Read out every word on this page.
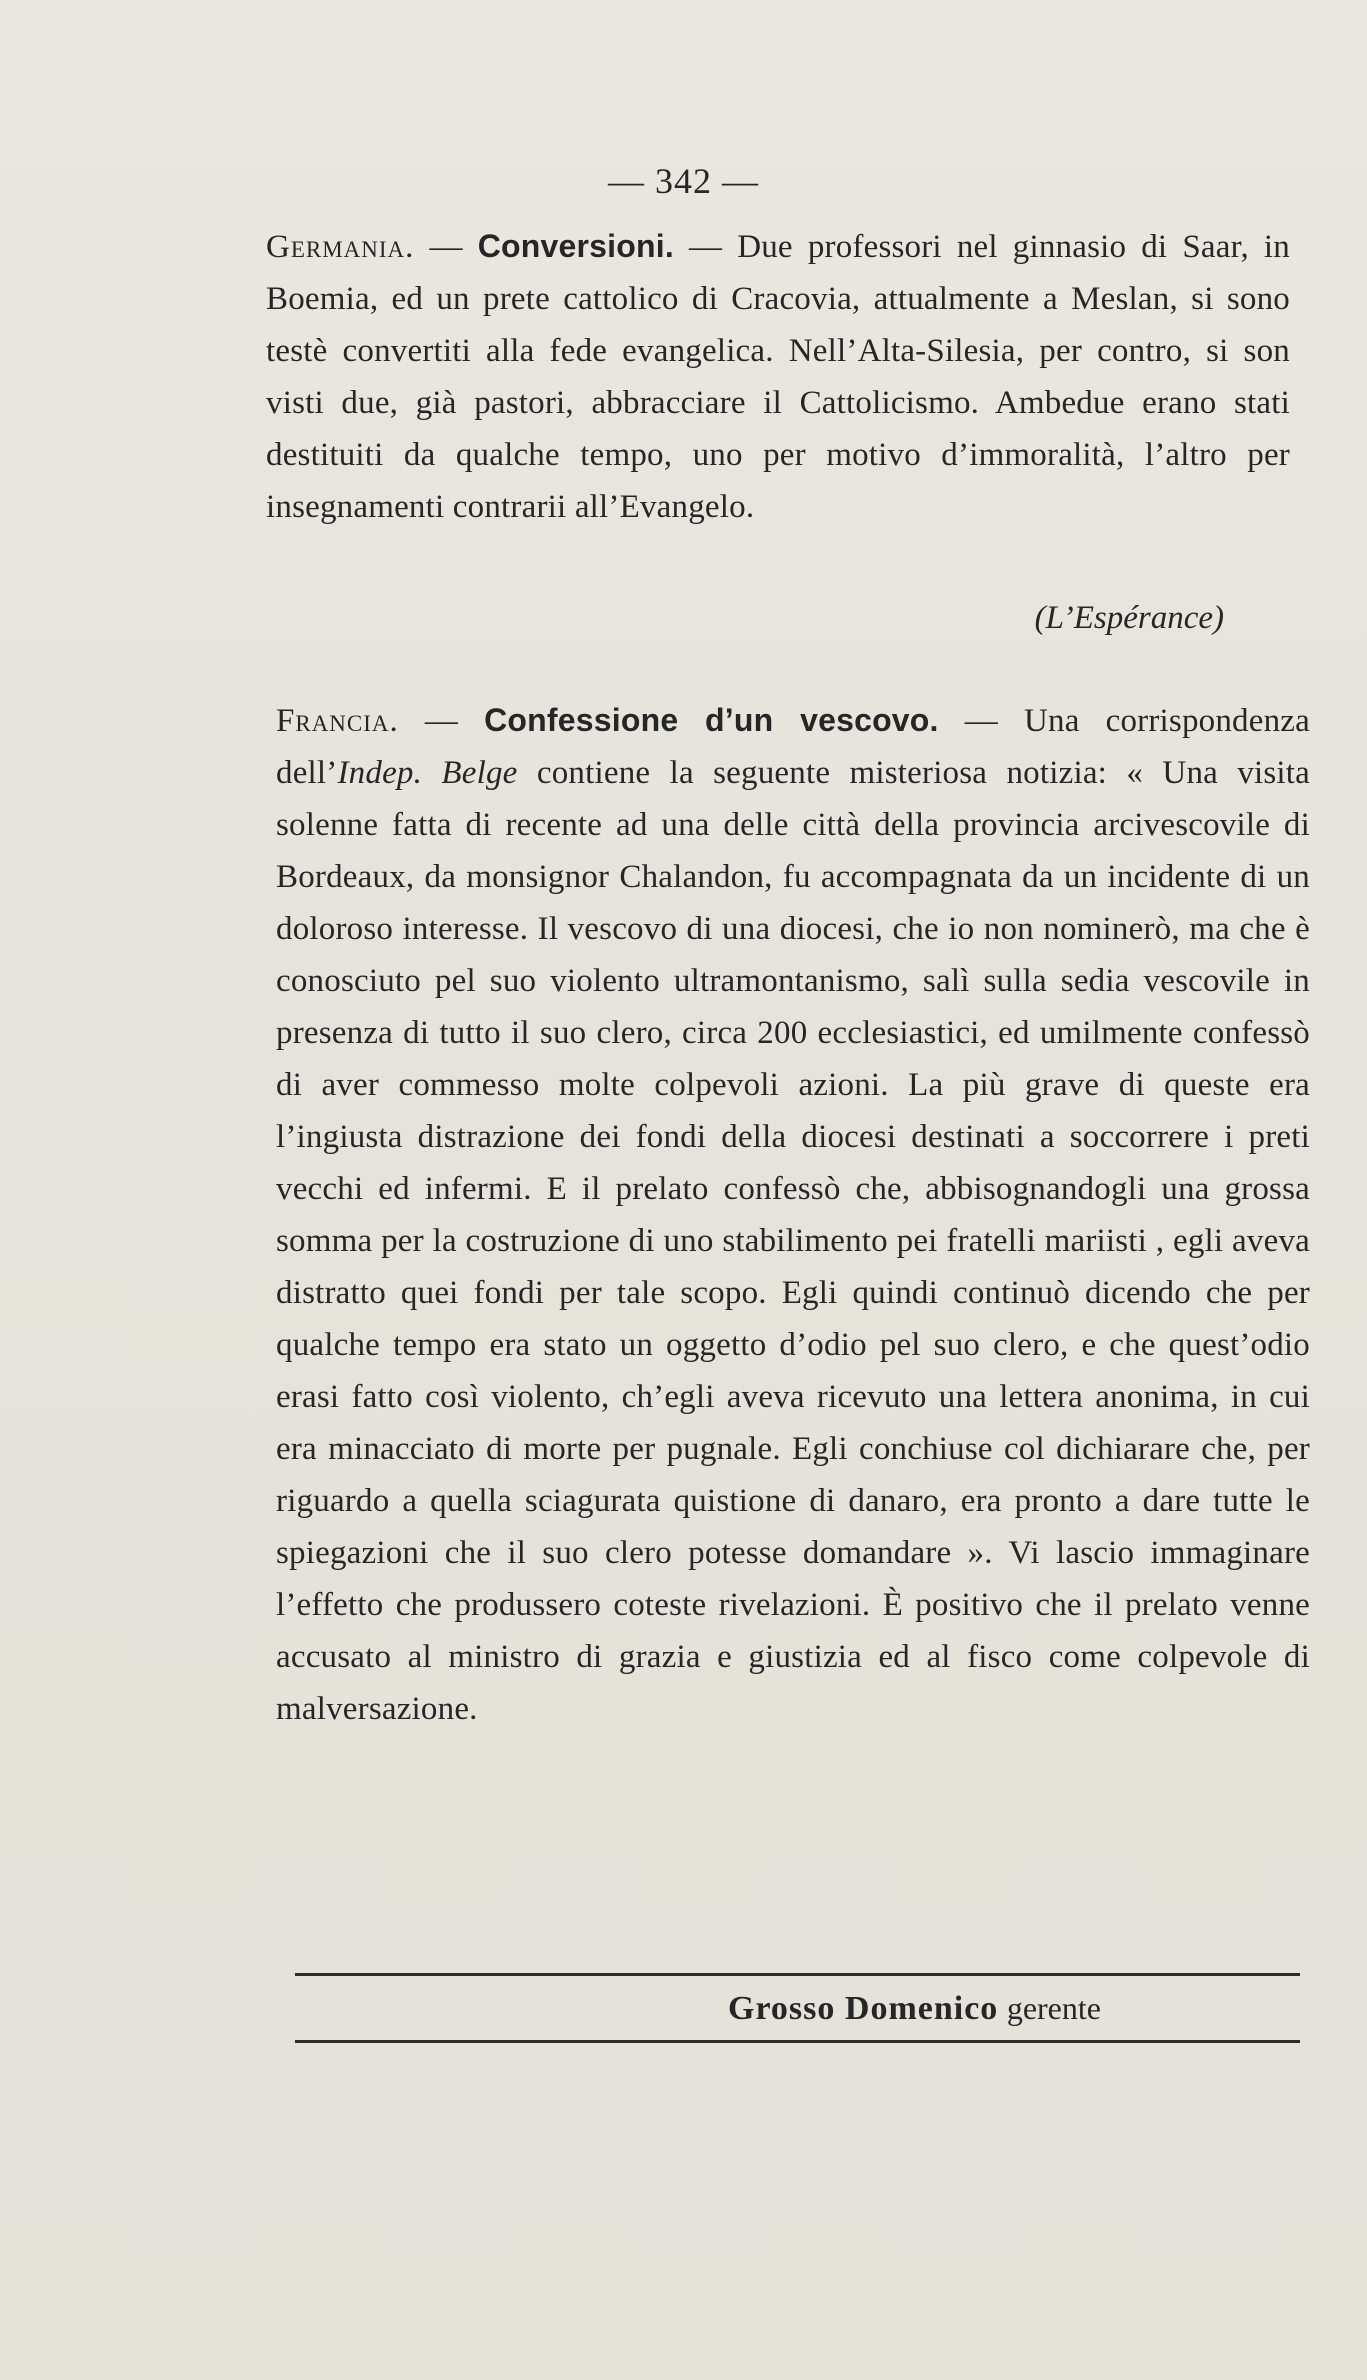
— 342 —

Germania. — Conversioni. — Due professori nel ginnasio di Saar, in Boemia, ed un prete cattolico di Cracovia, attualmente a Meslan, si sono testè convertiti alla fede evangelica. Nell’Alta-Silesia, per contro, si son visti due, già pastori, abbracciare il Cattolicismo. Ambedue erano stati destituiti da qualche tempo, uno per motivo d’immoralità, l’altro per insegnamenti contrarii all’Evangelo.

(L’Espérance)

Francia. — Confessione d’un vescovo. — Una corrispondenza dell’Indep. Belge contiene la seguente misteriosa notizia: « Una visita solenne fatta di recente ad una delle città della provincia arcivescovile di Bordeaux, da monsignor Chalandon, fu accompagnata da un incidente di un doloroso interesse. Il vescovo di una diocesi, che io non nominerò, ma che è conosciuto pel suo violento ultramontanismo, salì sulla sedia vescovile in presenza di tutto il suo clero, circa 200 ecclesiastici, ed umilmente confessò di aver commesso molte colpevoli azioni. La più grave di queste era l’ingiusta distrazione dei fondi della diocesi destinati a soccorrere i preti vecchi ed infermi. E il prelato confessò che, abbisognandogli una grossa somma per la costruzione di uno stabilimento pei fratelli mariisti , egli aveva distratto quei fondi per tale scopo. Egli quindi continuò dicendo che per qualche tempo era stato un oggetto d’odio pel suo clero, e che quest’odio erasi fatto così violento, ch’egli aveva ricevuto una lettera anonima, in cui era minacciato di morte per pugnale. Egli conchiuse col dichiarare che, per riguardo a quella sciagurata quistione di danaro, era pronto a dare tutte le spiegazioni che il suo clero potesse domandare ». Vi lascio immaginare l’effetto che produssero coteste rivelazioni. È positivo che il prelato venne accusato al ministro di grazia e giustizia ed al fisco come colpevole di malversazione.

Grosso Domenico gerente
